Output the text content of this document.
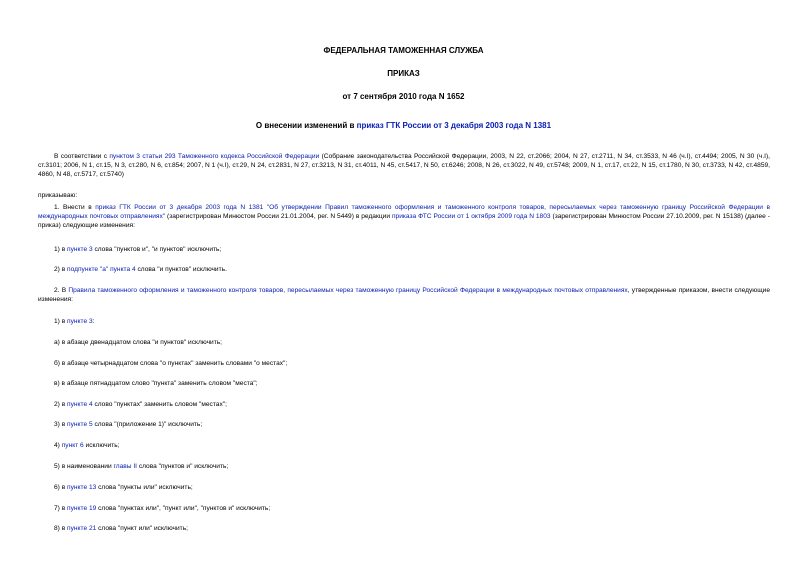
ФЕДЕРАЛЬНАЯ ТАМОЖЕННАЯ СЛУЖБА
ПРИКАЗ
от 7 сентября 2010 года N 1652
О внесении изменений в приказ ГТК России от 3 декабря 2003 года N 1381

В соответствии с пунктом 3 статьи 293 Таможенного кодекса Российской Федерации (Собрание законодательства Российской Федерации, 2003, N 22, ст.2066; 2004, N 27, ст.2711, N 34, ст.3533, N 46 (ч.I), ст.4494; 2005, N 30 (ч.I), ст.3101; 2006, N 1, ст.15, N 3, ст.280, N 6, ст.854; 2007, N 1 (ч.I), ст.29, N 24, ст.2831, N 27, ст.3213, N 31, ст.4011, N 45, ст.5417, N 50, ст.6246; 2008, N 26, ст.3022, N 49, ст.5748; 2009, N 1, ст.17, ст.22, N 15, ст.1780, N 30, ст.3733, N 42, ст.4859, 4860, N 48, ст.5717, ст.5740)

приказываю:

1. Внести в приказ ГТК России от 3 декабря 2003 года N 1381 "Об утверждении Правил таможенного оформления и таможенного контроля товаров, пересылаемых через таможенную границу Российской Федерации в международных почтовых отправлениях" (зарегистрирован Минюстом России 21.01.2004, рег. N 5449) в редакции приказа ФТС России от 1 октября 2009 года N 1803 (зарегистрирован Минюстом России 27.10.2009, рег. N 15138) (далее - приказ) следующие изменения:

1) в пункте 3 слова "пунктов и", "и пунктов" исключить;

2) в подпункте "а" пункта 4 слова "и пунктов" исключить.

2. В Правила таможенного оформления и таможенного контроля товаров, пересылаемых через таможенную границу Российской Федерации в международных почтовых отправлениях, утвержденные приказом, внести следующие изменения:

1) в пункте 3:

а) в абзаце двенадцатом слова "и пунктов" исключить;

б) в абзаце четырнадцатом слова "о пунктах" заменить словами "о местах";

в) в абзаце пятнадцатом слово "пункта" заменить словом "места";

2) в пункте 4 слово "пунктах" заменить словом "местах";

3) в пункте 5 слова "(приложение 1)" исключить;

4) пункт 6 исключить;

5) в наименовании главы II слова "пунктов и" исключить;

6) в пункте 13 слова "пункты или" исключить;

7) в пункте 19 слова "пунктах или", "пункт или", "пунктов и" исключить;

8) в пункте 21 слова "пункт или" исключить;
